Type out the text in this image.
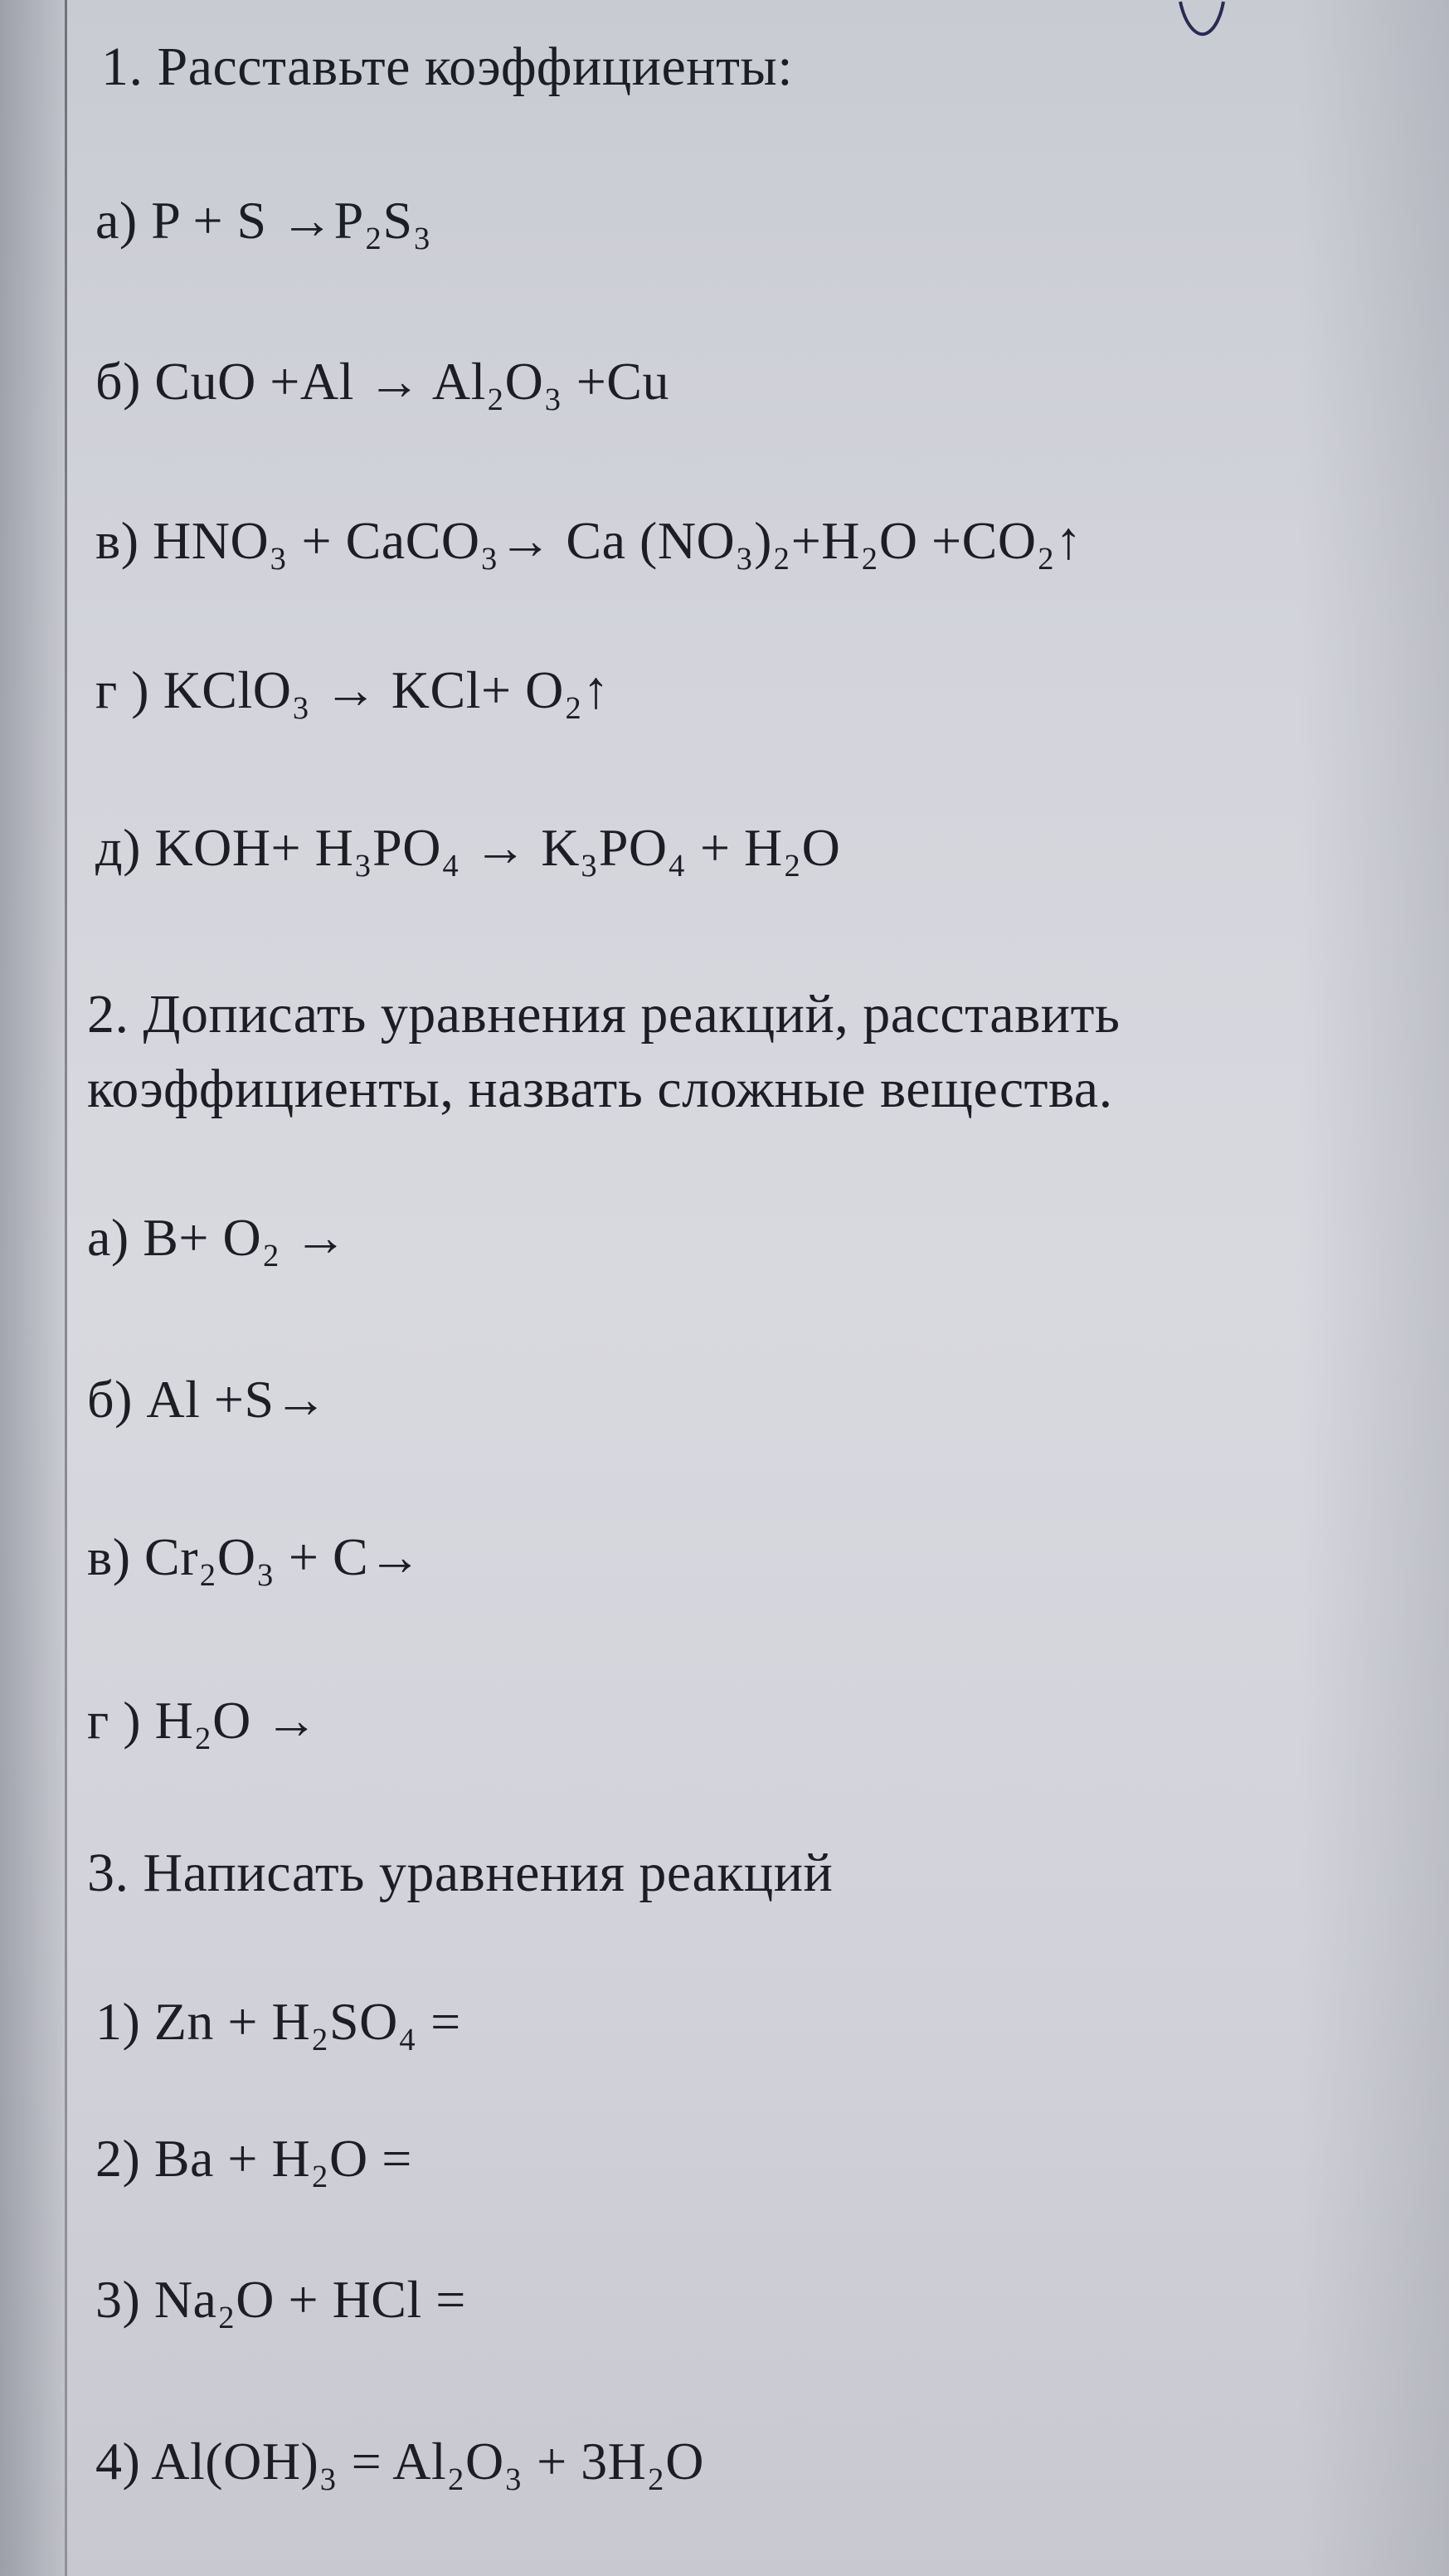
1. Расставьте коэффициенты:
а) P + S →P₂S₃
б) CuO +Al → Al₂O₃ +Cu
в) HNO₃ + CaCO₃→ Ca (NO₃)₂+H₂O +CO₂↑
г ) KClO₃ → KCl+ O₂↑
д) KOH+ H₃PO₄ → K₃PO₄ + H₂O
2. Дописать уравнения реакций, расставить
коэффициенты, назвать сложные вещества.
а) B+ O₂ →
б) Al +S→
в) Cr₂O₃ + C→
г ) H₂O →
3. Написать уравнения реакций
1) Zn + H₂SO₄ =
2) Ba + H₂O =
3) Na₂O + HCl =
4) Al(OH)₃ = Al₂O₃ + 3H₂O
